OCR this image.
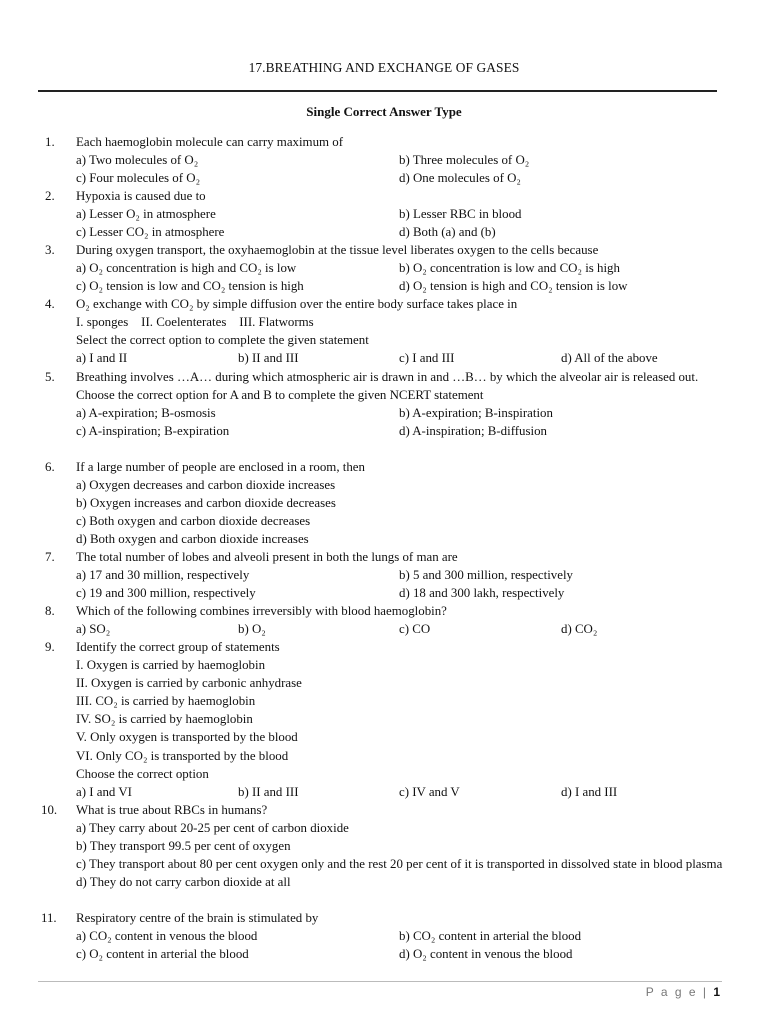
17.BREATHING AND EXCHANGE OF GASES
Single Correct Answer Type
1. Each haemoglobin molecule can carry maximum of
a) Two molecules of O₂	b) Three molecules of O₂
c) Four molecules of O₂	d) One molecules of O₂
2. Hypoxia is caused due to
a) Lesser O₂ in atmosphere	b) Lesser RBC in blood
c) Lesser CO₂ in atmosphere	d) Both (a) and (b)
3. During oxygen transport, the oxyhaemoglobin at the tissue level liberates oxygen to the cells because
a) O₂ concentration is high and CO₂ is low	b) O₂ concentration is low and CO₂ is high
c) O₂ tension is low and CO₂ tension is high	d) O₂ tension is high and CO₂ tension is low
4. O₂ exchange with CO₂ by simple diffusion over the entire body surface takes place in
I. sponges    II. Coelenterates    III. Flatworms
Select the correct option to complete the given statement
a) I and II	b) II and III	c) I and III	d) All of the above
5. Breathing involves …A… during which atmospheric air is drawn in and …B… by which the alveolar air is released out.
Choose the correct option for A and B to complete the given NCERT statement
a) A-expiration; B-osmosis	b) A-expiration; B-inspiration
c) A-inspiration; B-expiration	d) A-inspiration; B-diffusion
6. If a large number of people are enclosed in a room, then
a) Oxygen decreases and carbon dioxide increases
b) Oxygen increases and carbon dioxide decreases
c) Both oxygen and carbon dioxide decreases
d) Both oxygen and carbon dioxide increases
7. The total number of lobes and alveoli present in both the lungs of man are
a) 17 and 30 million, respectively	b) 5 and 300 million, respectively
c) 19 and 300 million, respectively	d) 18 and 300 lakh, respectively
8. Which of the following combines irreversibly with blood haemoglobin?
a) SO₂	b) O₂	c) CO	d) CO₂
9. Identify the correct group of statements
I. Oxygen is carried by haemoglobin
II. Oxygen is carried by carbonic anhydrase
III. CO₂ is carried by haemoglobin
IV. SO₂ is carried by haemoglobin
V. Only oxygen is transported by the blood
VI. Only CO₂ is transported by the blood
Choose the correct option
a) I and VI	b) II and III	c) IV and V	d) I and III
10. What is true about RBCs in humans?
a) They carry about 20-25 per cent of carbon dioxide
b) They transport 99.5 per cent of oxygen
c) They transport about 80 per cent oxygen only and the rest 20 per cent of it is transported in dissolved state in blood plasma
d) They do not carry carbon dioxide at all
11. Respiratory centre of the brain is stimulated by
a) CO₂ content in venous the blood	b) CO₂ content in arterial the blood
c) O₂ content in arterial the blood	d) O₂ content in venous the blood
P a g e | 1
